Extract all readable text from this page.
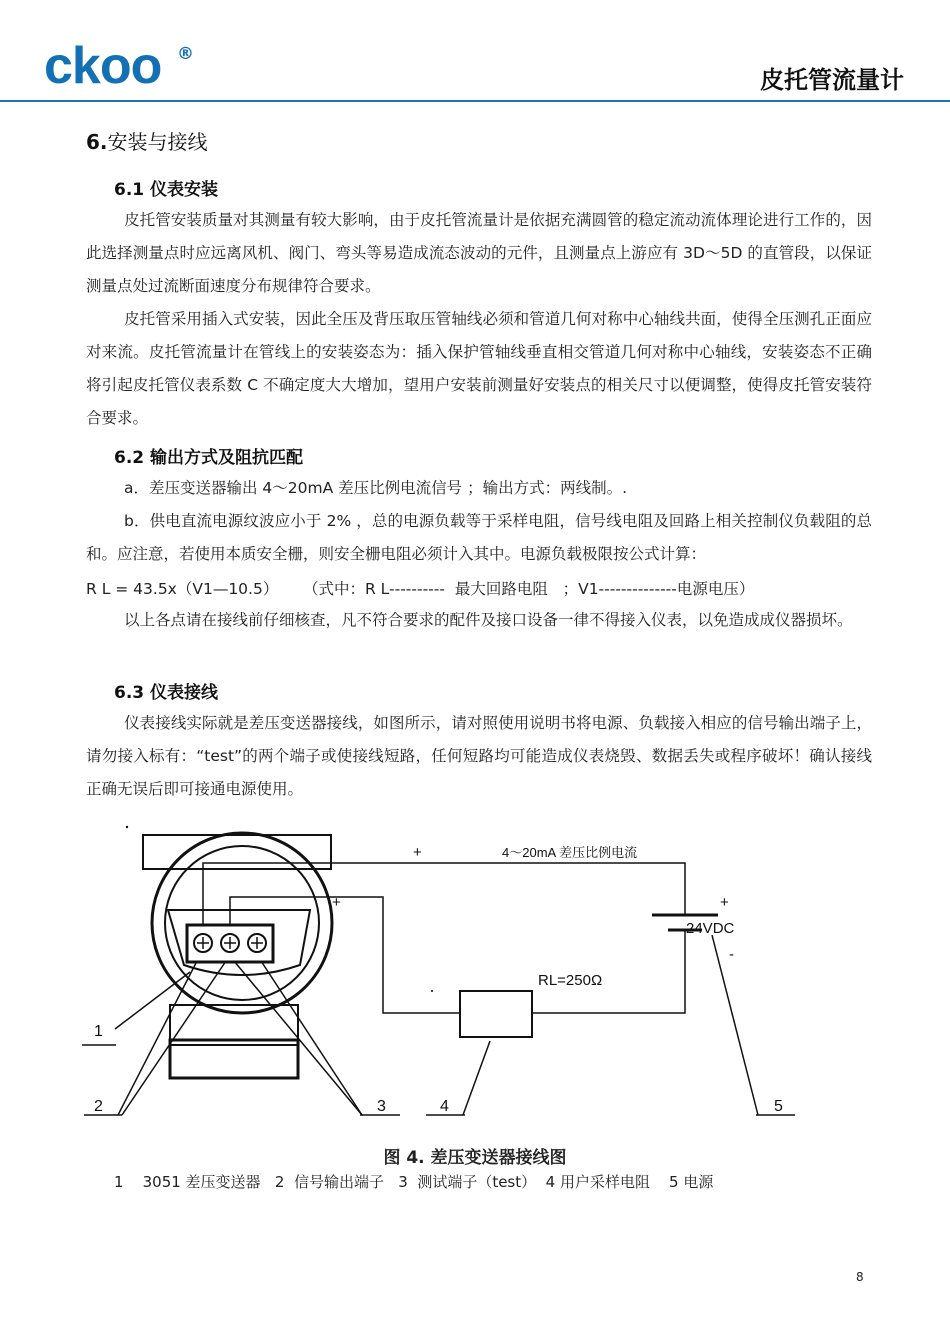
ckoo ®
皮托管流量计
6.安装与接线
6.1 仪表安装

皮托管安装质量对其测量有较大影响，由于皮托管流量计是依据充满圆管的稳定流动流体理论进行工作的，因此选择测量点时应远离风机、阀门、弯头等易造成流态波动的元件，且测量点上游应有 3D～5D 的直管段，以保证测量点处过流断面速度分布规律符合要求。

皮托管采用插入式安装，因此全压及背压取压管轴线必须和管道几何对称中心轴线共面，使得全压测孔正面应对来流。皮托管流量计在管线上的安装姿态为：插入保护管轴线垂直相交管道几何对称中心轴线，安装姿态不正确将引起皮托管仪表系数 C 不确定度大大增加，望用户安装前测量好安装点的相关尺寸以便调整，使得皮托管安装符合要求。

6.2 输出方式及阻抗匹配

a．差压变送器输出 4～20mA 差压比例电流信号 ；输出方式：两线制。.

b．供电直流电源纹波应小于 2% ，总的电源负载等于采样电阻，信号线电阻及回路上相关控制仪负载阻的总和。应注意，若使用本质安全栅，则安全栅电阻必须计入其中。电源负载极限按公式计算：

R L = 43.5x（V1—10.5）     （式中：R L----------  最大回路电阻   ；V1--------------电源电压）

以上各点请在接线前仔细核查，凡不符合要求的配件及接口设备一律不得接入仪表，以免造成成仪器损坏。

6.3 仪表接线

仪表接线实际就是差压变送器接线，如图所示，请对照使用说明书将电源、负载接入相应的信号输出端子上，请勿接入标有：“test”的两个端子或使接线短路，任何短路均可能造成仪表烧毁、数据丢失或程序破坏！确认接线正确无误后即可接通电源使用。

+	4～20mA 差压比例电流
+	+
24VDC
-
RL=250Ω
1
2	3	4	5
图 4. 差压变送器接线图
1    3051 差压变送器   2  信号输出端子   3  测试端子（test）  4 用户采样电阻    5 电源
8
